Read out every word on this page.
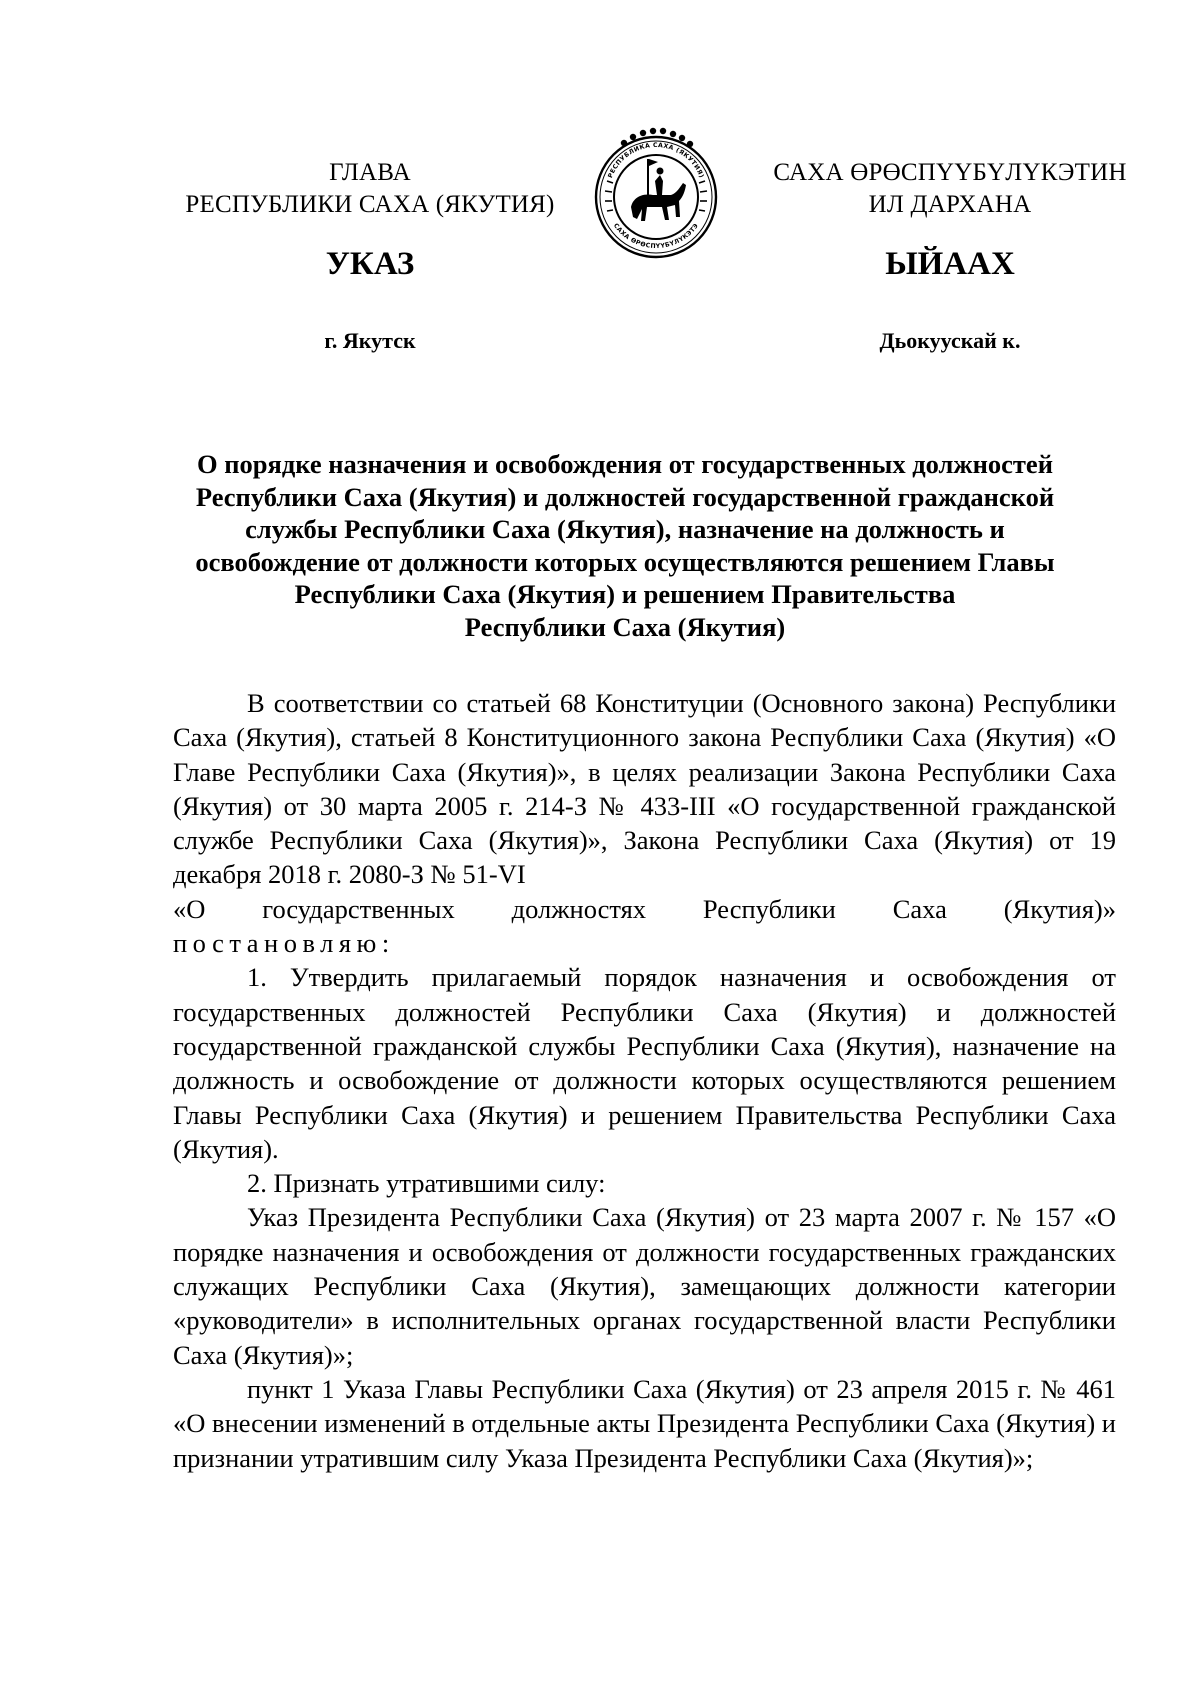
ГЛАВА
РЕСПУБЛИКИ САХА (ЯКУТИЯ)
РЕСПУБЛИКА САХА (ЯКУТИЯ)
САХА ӨРӨСПҮҮБҮЛҮКЭТЭ
САХА ӨРӨСПҮҮБҮЛҮКЭТИН
ИЛ ДАРХАНА
УКАЗ	ЫЙААХ
г. Якутск	Дьокуускай к.
О порядке назначения и освобождения от государственных должностей
Республики Саха (Якутия) и должностей государственной гражданской
службы Республики Саха (Якутия), назначение на должность и
освобождение от должности которых осуществляются решением Главы
Республики Саха (Якутия) и решением Правительства
Республики Саха (Якутия)

В соответствии со статьей 68 Конституции (Основного закона) Республики Саха (Якутия), статьей 8 Конституционного закона Республики Саха (Якутия) «О Главе Республики Саха (Якутия)», в целях реализации Закона Республики Саха (Якутия) от 30 марта 2005 г. 214-З № 433-III «О государственной гражданской службе Республики Саха (Якутия)», Закона Республики Саха (Якутия) от 19 декабря 2018 г. 2080-З № 51-VI

«О государственных должностях Республики Саха (Якутия)»

постановляю:

1. Утвердить прилагаемый порядок назначения и освобождения от государственных должностей Республики Саха (Якутия) и должностей государственной гражданской службы Республики Саха (Якутия), назначение на должность и освобождение от должности которых осуществляются решением Главы Республики Саха (Якутия) и решением Правительства Республики Саха (Якутия).

2. Признать утратившими силу:

Указ Президента Республики Саха (Якутия) от 23 марта 2007 г. № 157 «О порядке назначения и освобождения от должности государственных гражданских служащих Республики Саха (Якутия), замещающих должности категории «руководители» в исполнительных органах государственной власти Республики Саха (Якутия)»;

пункт 1 Указа Главы Республики Саха (Якутия) от 23 апреля 2015 г. № 461 «О внесении изменений в отдельные акты Президента Республики Саха (Якутия) и признании утратившим силу Указа Президента Республики Саха (Якутия)»;
